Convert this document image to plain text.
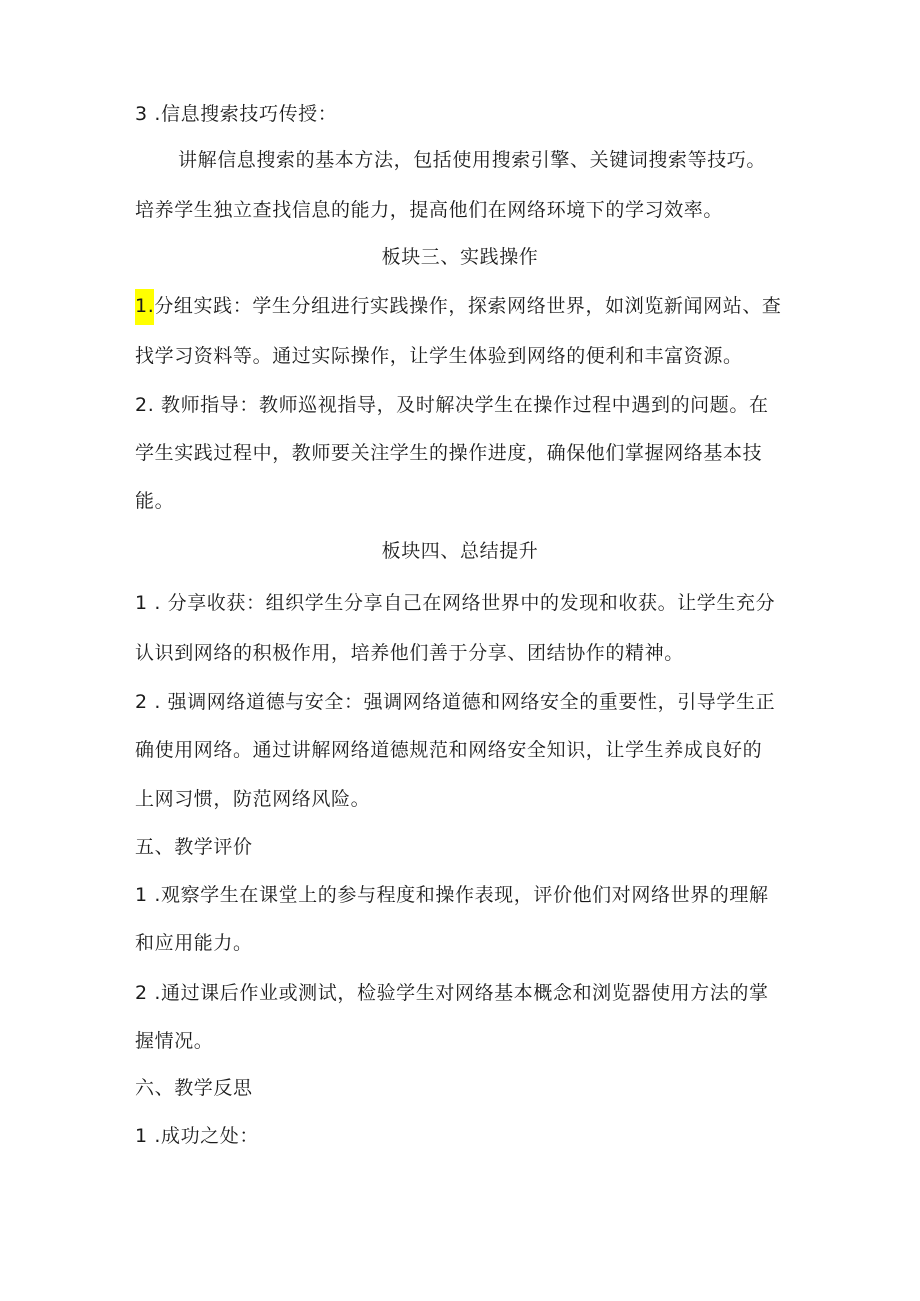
3 .信息搜索技巧传授：
讲解信息搜索的基本方法，包括使用搜索引擎、关键词搜索等技巧。
培养学生独立查找信息的能力，提高他们在网络环境下的学习效率。
板块三、实践操作
1.分组实践：学生分组进行实践操作，探索网络世界，如浏览新闻网站、查
找学习资料等。通过实际操作，让学生体验到网络的便利和丰富资源。
2. 教师指导：教师巡视指导，及时解决学生在操作过程中遇到的问题。在
学生实践过程中，教师要关注学生的操作进度，确保他们掌握网络基本技
能。
板块四、总结提升
1 . 分享收获：组织学生分享自己在网络世界中的发现和收获。让学生充分
认识到网络的积极作用，培养他们善于分享、团结协作的精神。
2 . 强调网络道德与安全：强调网络道德和网络安全的重要性，引导学生正
确使用网络。通过讲解网络道德规范和网络安全知识，让学生养成良好的
上网习惯，防范网络风险。
五、教学评价
1 .观察学生在课堂上的参与程度和操作表现，评价他们对网络世界的理解
和应用能力。
2 .通过课后作业或测试，检验学生对网络基本概念和浏览器使用方法的掌
握情况。
六、教学反思
1 .成功之处：
